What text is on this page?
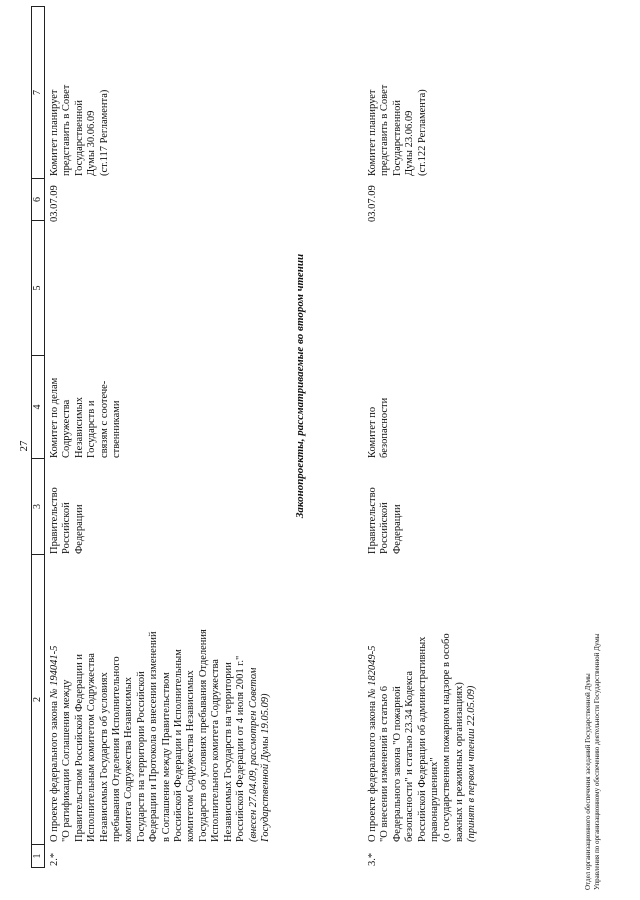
27
1
2
3
4
5
6
7
2.*
О проекте федерального закона № 194041-5
"О ратификации Соглашения между
Правительством Российской Федерации и
Исполнительным комитетом Содружества
Независимых Государств об условиях
пребывания Отделения Исполнительного
комитета Содружества Независимых
Государств на территории Российской
Федерации и Протокола о внесении изменений
в Соглашение между Правительством
Российской Федерации и Исполнительным
комитетом Содружества Независимых
Государств об условиях пребывания Отделения
Исполнительного комитета Содружества
Независимых Государств на территории
Российской Федерации от 4 июля 2001 г."
(внесен 27.04.09, рассмотрен Советом
Государственной Думы 19.05.09)
Правительство
Российской
Федерации
Комитет по делам
Содружества
Независимых
Государств и
связям с соотече-
ственниками
03.07.09
Комитет планирует
представить в Совет
Государственной
Думы 30.06.09
(ст.117 Регламента)
Законопроекты, рассматриваемые во втором чтении
3.*
О проекте федерального закона № 182049-5
"О внесении изменений в статью 6
Федерального закона "О пожарной
безопасности" и статью 23.34 Кодекса
Российской Федерации об административных
правонарушениях"
(о государственном пожарном надзоре в особо
важных и режимных организациях)
(принят в первом чтении 22.05.09)
Правительство
Российской
Федерации
Комитет по
безопасности
03.07.09
Комитет планирует
представить в Совет
Государственной
Думы 23.06.09
(ст.122 Регламента)
Отдел организационного обеспечения заседаний Государственной Думы Управления по организационному обеспечению деятельности Государственной Думы
